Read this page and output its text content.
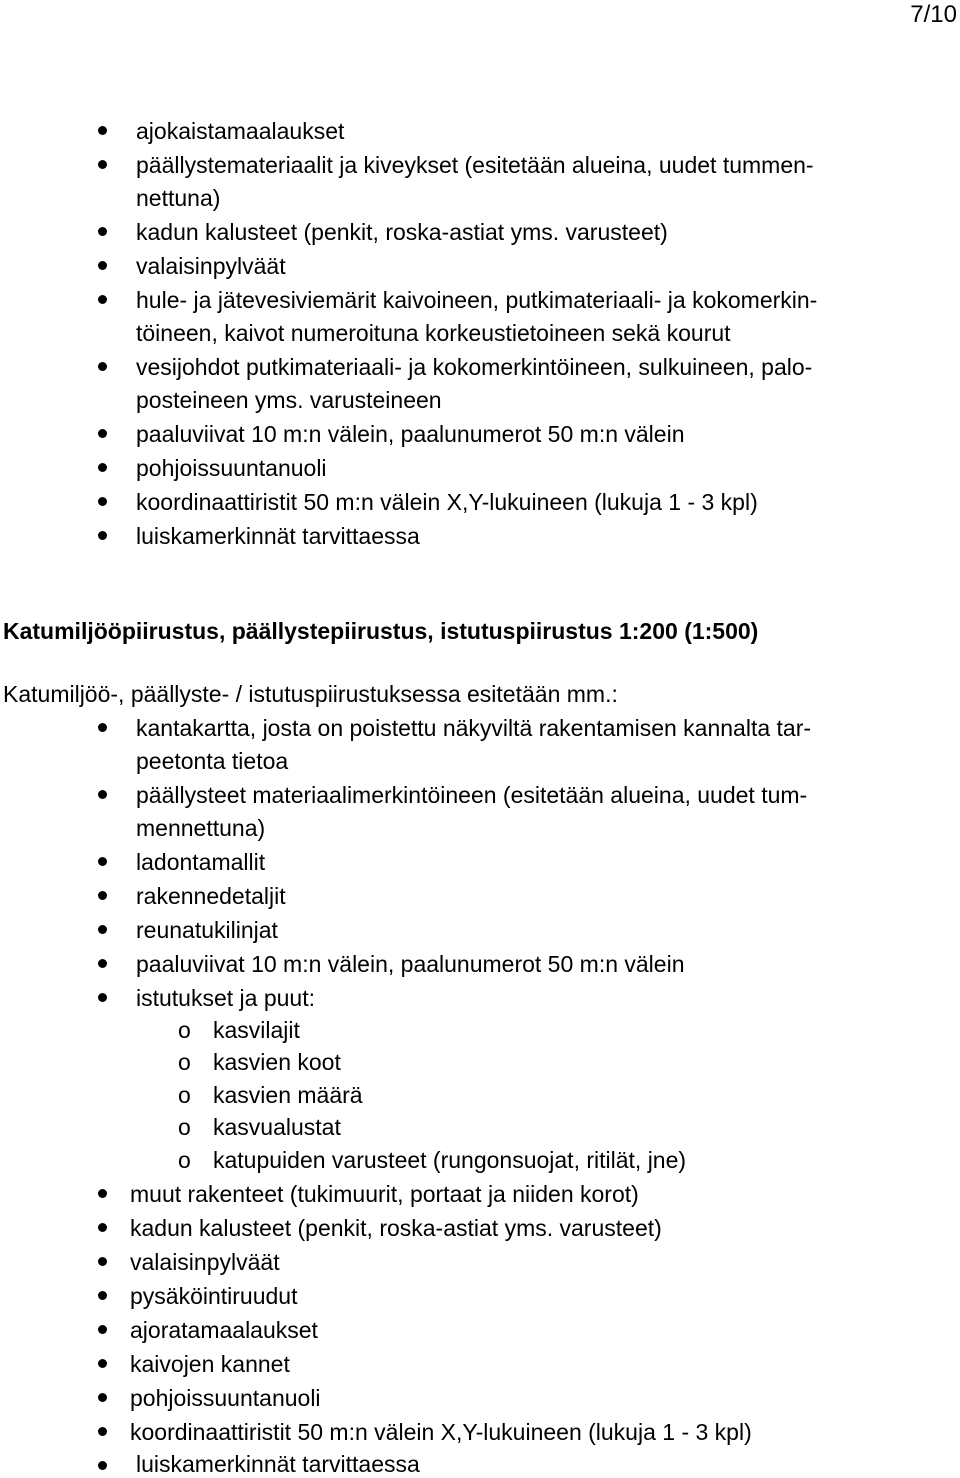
7/10
ajokaistamaalaukset
päällystemateriaalit ja kiveykset (esitetään alueina, uudet tummen-
nettuna)
kadun kalusteet (penkit, roska-astiat yms. varusteet)
valaisinpylväät
hule- ja jätevesiviemärit kaivoineen, putkimateriaali- ja kokomerkin-
töineen, kaivot numeroituna korkeustietoineen sekä kourut
vesijohdot putkimateriaali- ja kokomerkintöineen, sulkuineen, palo-
posteineen yms. varusteineen
paaluviivat 10 m:n välein, paalunumerot 50 m:n välein
pohjoissuuntanuoli
koordinaattiristit 50 m:n välein X,Y-lukuineen (lukuja 1 - 3 kpl)
luiskamerkinnät tarvittaessa
Katumiljööpiirustus, päällystepiirustus, istutuspiirustus 1:200 (1:500)
Katumiljöö-, päällyste- / istutuspiirustuksessa esitetään mm.:
kantakartta, josta on poistettu näkyviltä rakentamisen kannalta tar-
peetonta tietoa
päällysteet materiaalimerkintöineen (esitetään alueina, uudet tum-
mennettuna)
ladontamallit
rakennedetaljit
reunatukilinjat
paaluviivat 10 m:n välein, paalunumerot 50 m:n välein
istutukset ja puut:
o kasvilajit
o kasvien koot
o kasvien määrä
o kasvualustat
o katupuiden varusteet (rungonsuojat, ritilät, jne)
muut rakenteet (tukimuurit, portaat ja niiden korot)
kadun kalusteet (penkit, roska-astiat yms. varusteet)
valaisinpylväät
pysäköintiruudut
ajoratamaalaukset
kaivojen kannet
pohjoissuuntanuoli
koordinaattiristit 50 m:n välein X,Y-lukuineen (lukuja 1 - 3 kpl)
luiskamerkinnät tarvittaessa
